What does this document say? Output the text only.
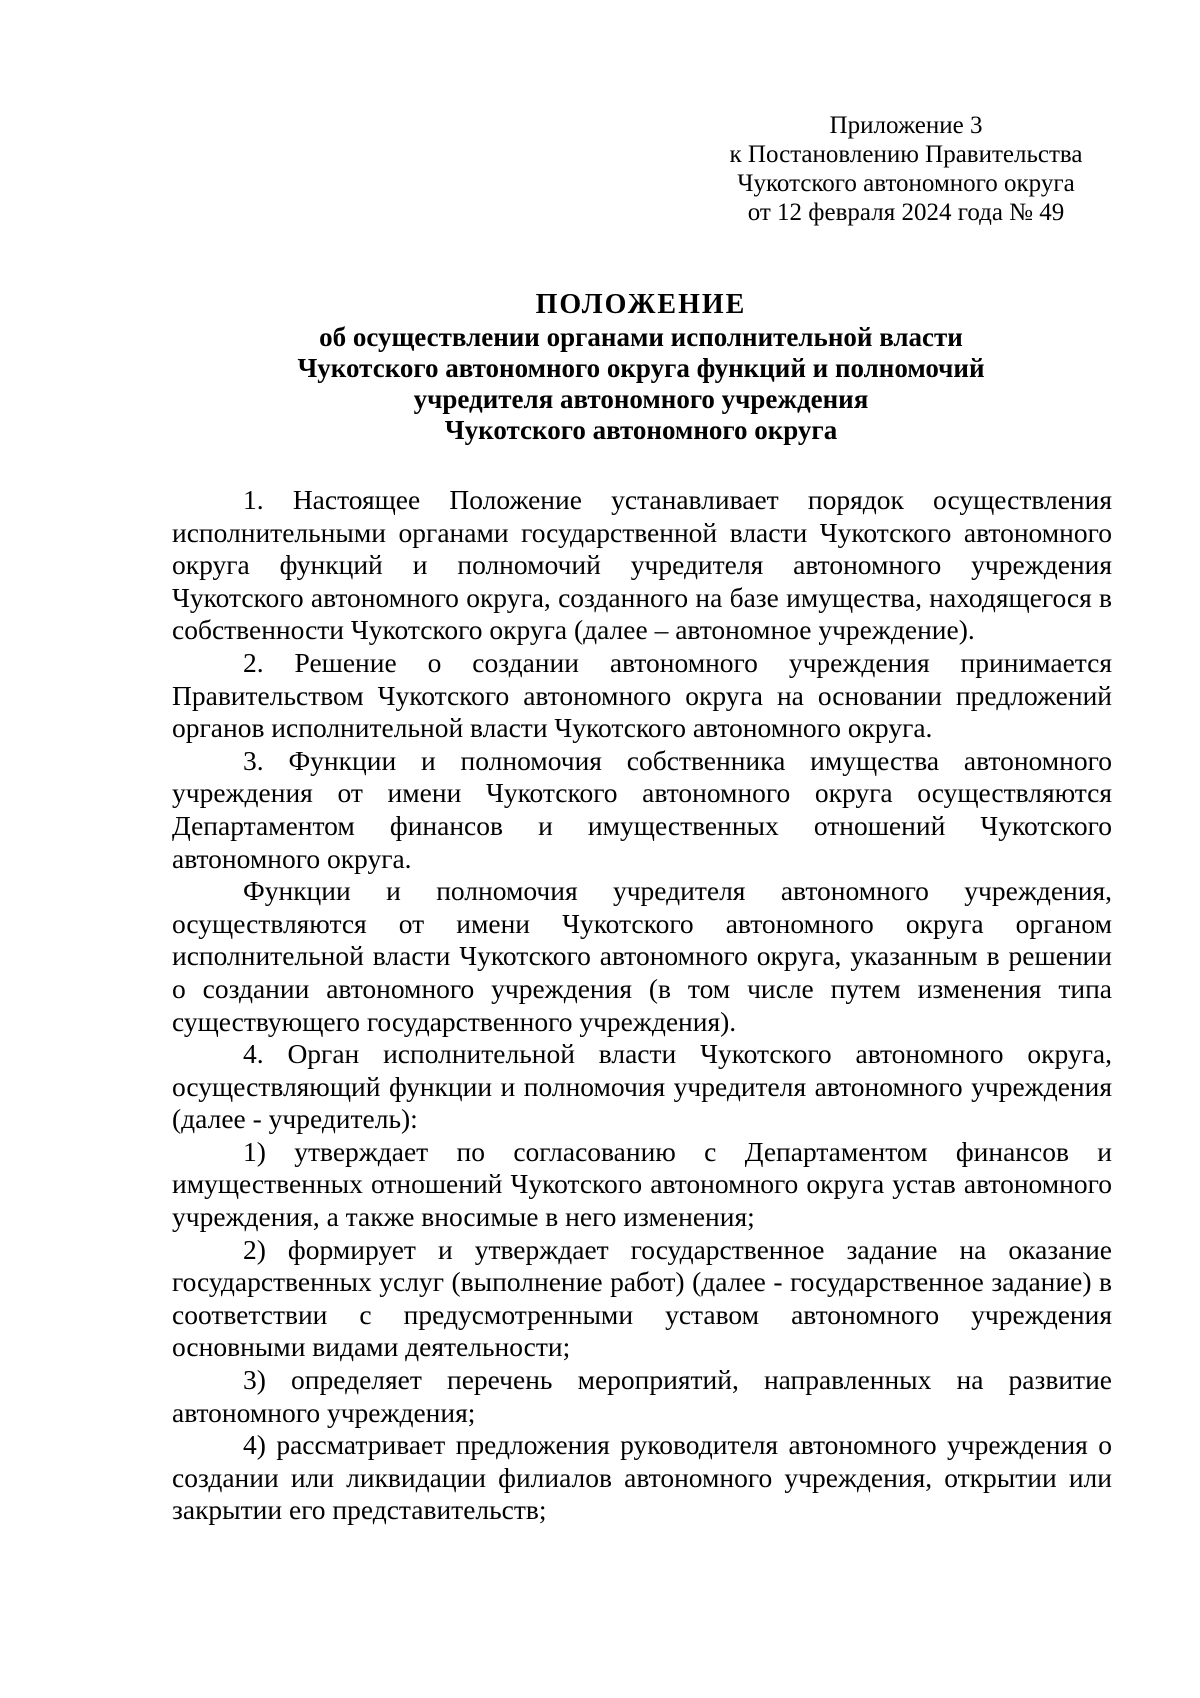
Приложение 3
к Постановлению Правительства
Чукотского автономного округа
от 12 февраля 2024 года № 49
ПОЛОЖЕНИЕ
об осуществлении органами исполнительной власти
Чукотского автономного округа функций и полномочий
учредителя автономного учреждения
Чукотского автономного округа

1. Настоящее Положение устанавливает порядок осуществления исполнительными органами государственной власти Чукотского автономного округа функций и полномочий учредителя автономного учреждения Чукотского автономного округа, созданного на базе имущества, находящегося в собственности Чукотского округа (далее – автономное учреждение).

2. Решение о создании автономного учреждения принимается Правительством Чукотского автономного округа на основании предложений органов исполнительной власти Чукотского автономного округа.

3. Функции и полномочия собственника имущества автономного учреждения от имени Чукотского автономного округа осуществляются Департаментом финансов и имущественных отношений Чукотского автономного округа.

Функции и полномочия учредителя автономного учреждения, осуществляются от имени Чукотского автономного округа органом исполнительной власти Чукотского автономного округа, указанным в решении о создании автономного учреждения (в том числе путем изменения типа существующего государственного учреждения).

4. Орган исполнительной власти Чукотского автономного округа, осуществляющий функции и полномочия учредителя автономного учреждения (далее - учредитель):

1) утверждает по согласованию с Департаментом финансов и имущественных отношений Чукотского автономного округа устав автономного учреждения, а также вносимые в него изменения;

2) формирует и утверждает государственное задание на оказание государственных услуг (выполнение работ) (далее - государственное задание) в соответствии с предусмотренными уставом автономного учреждения основными видами деятельности;

3) определяет перечень мероприятий, направленных на развитие автономного учреждения;

4) рассматривает предложения руководителя автономного учреждения о создании или ликвидации филиалов автономного учреждения, открытии или закрытии его представительств;
